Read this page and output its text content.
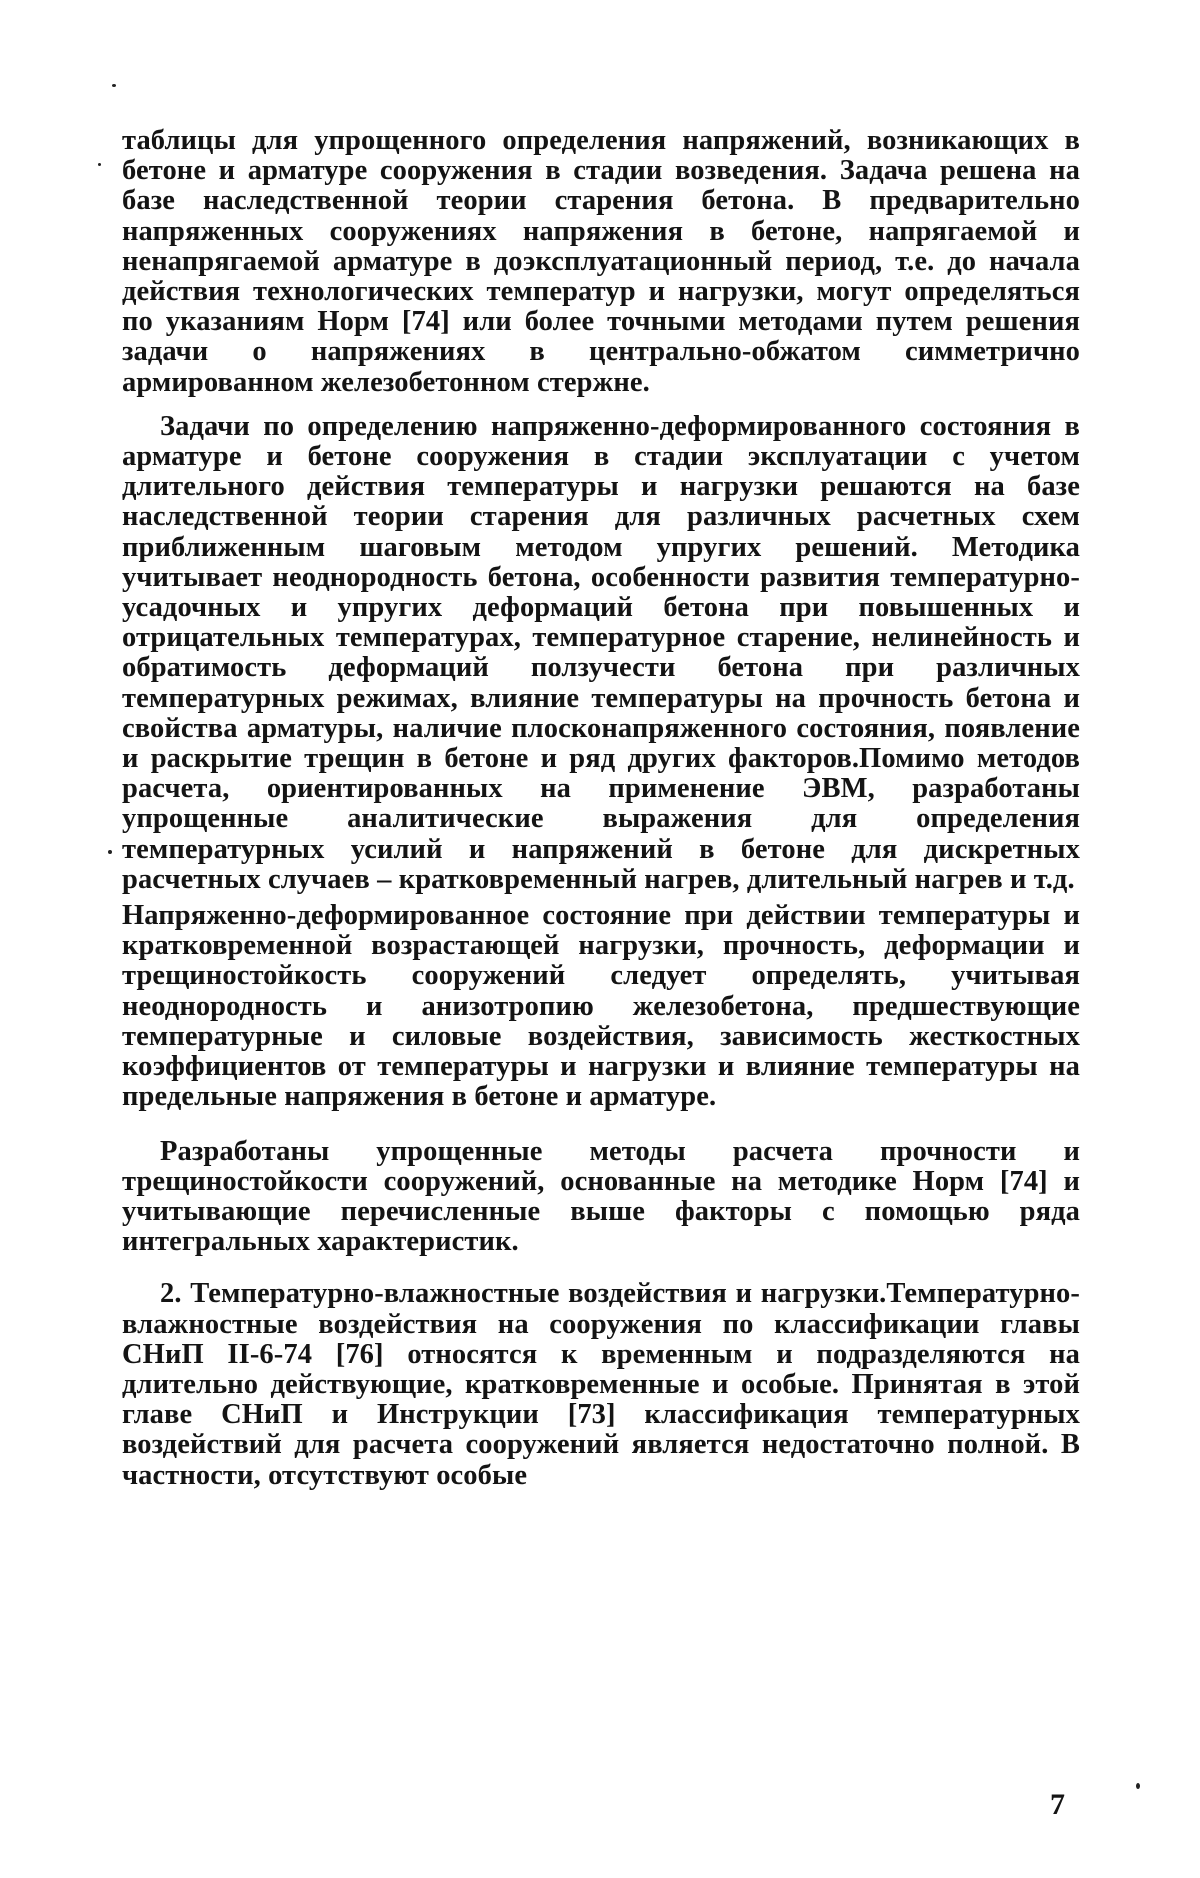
таблицы для упрощенного определения напряжений, возникающих в бетоне и арматуре сооружения в стадии возведения. Задача решена на базе наследственной теории старения бетона. В предварительно напряженных сооружениях напряжения в бетоне, напрягаемой и ненапрягаемой арматуре в доэксплуатационный период, т.е. до начала действия технологических температур и нагрузки, могут определяться по указаниям Норм [74] или более точными методами путем решения задачи о напряжениях в центрально-обжатом симметрично армированном железобетонном стержне.

Задачи по определению напряженно-деформированного состояния в арматуре и бетоне сооружения в стадии эксплуатации с учетом длительного действия температуры и нагрузки решаются на базе наследственной теории старения для различных расчетных схем приближенным шаговым методом упругих решений. Методика учитывает неоднородность бетона, особенности развития температурно-усадочных и упругих деформаций бетона при повышенных и отрицательных температурах, температурное старение, нелинейность и обратимость деформаций ползучести бетона при различных температурных режимах, влияние температуры на прочность бетона и свойства арматуры, наличие плосконапряженного состояния, появление и раскрытие трещин в бетоне и ряд других факторов.Помимо методов расчета, ориентированных на применение ЭВМ, разработаны упрощенные аналитические выражения для определения температурных усилий и напряжений в бетоне для дискретных расчетных случаев – кратковременный нагрев, длительный нагрев и т.д.

Напряженно-деформированное состояние при действии температуры и кратковременной возрастающей нагрузки, прочность, деформации и трещиностойкость сооружений следует определять, учитывая неоднородность и анизотропию железобетона, предшествующие температурные и силовые воздействия, зависимость жесткостных коэффициентов от температуры и нагрузки и влияние температуры на предельные напряжения в бетоне и арматуре.

Разработаны упрощенные методы расчета прочности и трещиностойкости сооружений, основанные на методике Норм [74] и учитывающие перечисленные выше факторы с помощью ряда интегральных характеристик.

2. Температурно-влажностные воздействия и нагрузки.Температурно-влажностные воздействия на сооружения по классификации главы СНиП II-6-74 [76] относятся к временным и подразделяются на длительно действующие, кратковременные и особые. Принятая в этой главе СНиП и Инструкции [73] классификация температурных воздействий для расчета сооружений является недостаточно полной. В частности, отсутствуют особые

7
